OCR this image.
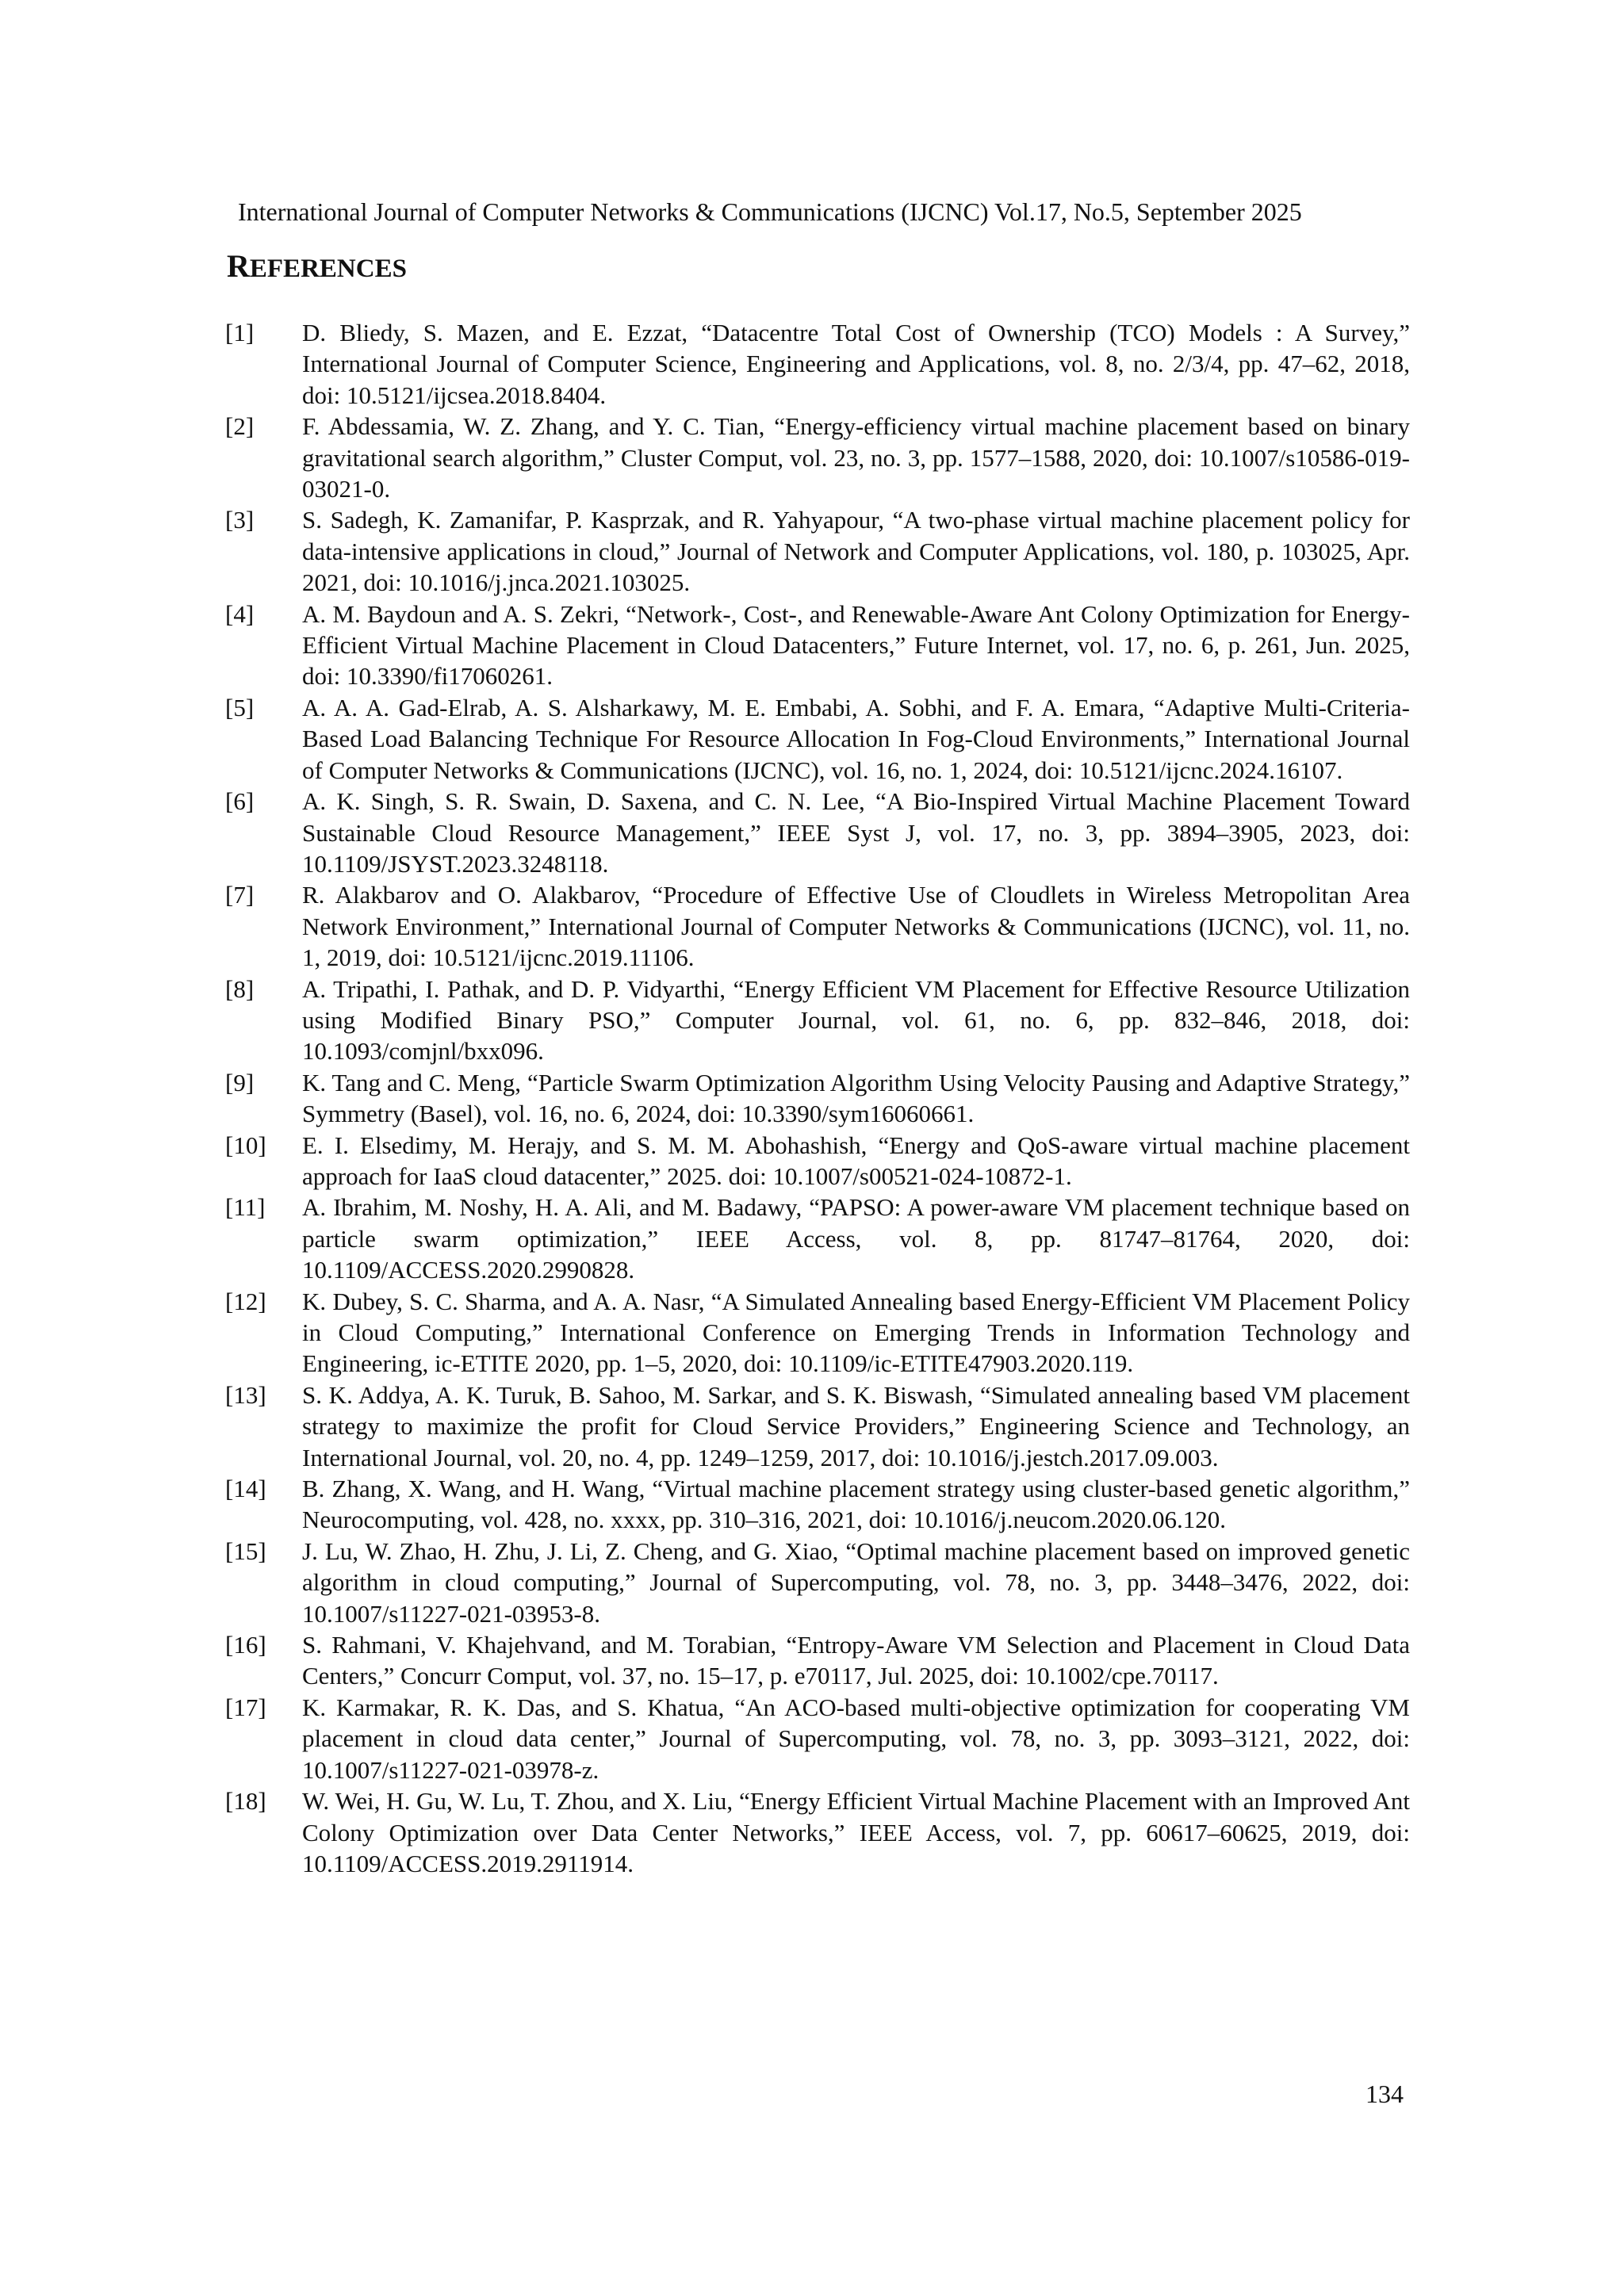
International Journal of Computer Networks & Communications (IJCNC) Vol.17, No.5, September 2025
REFERENCES
[1]	D. Bliedy, S. Mazen, and E. Ezzat, “Datacentre Total Cost of Ownership (TCO) Models : A Survey,” International Journal of Computer Science, Engineering and Applications, vol. 8, no. 2/3/4, pp. 47–62, 2018, doi: 10.5121/ijcsea.2018.8404.
[2]	F. Abdessamia, W. Z. Zhang, and Y. C. Tian, “Energy-efficiency virtual machine placement based on binary gravitational search algorithm,” Cluster Comput, vol. 23, no. 3, pp. 1577–1588, 2020, doi: 10.1007/s10586-019-03021-0.
[3]	S. Sadegh, K. Zamanifar, P. Kasprzak, and R. Yahyapour, “A two-phase virtual machine placement policy for data-intensive applications in cloud,” Journal of Network and Computer Applications, vol. 180, p. 103025, Apr. 2021, doi: 10.1016/j.jnca.2021.103025.
[4]	A. M. Baydoun and A. S. Zekri, “Network-, Cost-, and Renewable-Aware Ant Colony Optimization for Energy-Efficient Virtual Machine Placement in Cloud Datacenters,” Future Internet, vol. 17, no. 6, p. 261, Jun. 2025, doi: 10.3390/fi17060261.
[5]	A. A. A. Gad-Elrab, A. S. Alsharkawy, M. E. Embabi, A. Sobhi, and F. A. Emara, “Adaptive Multi-Criteria-Based Load Balancing Technique For Resource Allocation In Fog-Cloud Environments,” International Journal of Computer Networks & Communications (IJCNC), vol. 16, no. 1, 2024, doi: 10.5121/ijcnc.2024.16107.
[6]	A. K. Singh, S. R. Swain, D. Saxena, and C. N. Lee, “A Bio-Inspired Virtual Machine Placement Toward Sustainable Cloud Resource Management,” IEEE Syst J, vol. 17, no. 3, pp. 3894–3905, 2023, doi: 10.1109/JSYST.2023.3248118.
[7]	R. Alakbarov and O. Alakbarov, “Procedure of Effective Use of Cloudlets in Wireless Metropolitan Area Network Environment,” International Journal of Computer Networks & Communications (IJCNC), vol. 11, no. 1, 2019, doi: 10.5121/ijcnc.2019.11106.
[8]	A. Tripathi, I. Pathak, and D. P. Vidyarthi, “Energy Efficient VM Placement for Effective Resource Utilization using Modified Binary PSO,” Computer Journal, vol. 61, no. 6, pp. 832–846, 2018, doi: 10.1093/comjnl/bxx096.
[9]	K. Tang and C. Meng, “Particle Swarm Optimization Algorithm Using Velocity Pausing and Adaptive Strategy,” Symmetry (Basel), vol. 16, no. 6, 2024, doi: 10.3390/sym16060661.
[10]	E. I. Elsedimy, M. Herajy, and S. M. M. Abohashish, “Energy and QoS-aware virtual machine placement approach for IaaS cloud datacenter,” 2025. doi: 10.1007/s00521-024-10872-1.
[11]	A. Ibrahim, M. Noshy, H. A. Ali, and M. Badawy, “PAPSO: A power-aware VM placement technique based on particle swarm optimization,” IEEE Access, vol. 8, pp. 81747–81764, 2020, doi: 10.1109/ACCESS.2020.2990828.
[12]	K. Dubey, S. C. Sharma, and A. A. Nasr, “A Simulated Annealing based Energy-Efficient VM Placement Policy in Cloud Computing,” International Conference on Emerging Trends in Information Technology and Engineering, ic-ETITE 2020, pp. 1–5, 2020, doi: 10.1109/ic-ETITE47903.2020.119.
[13]	S. K. Addya, A. K. Turuk, B. Sahoo, M. Sarkar, and S. K. Biswash, “Simulated annealing based VM placement strategy to maximize the profit for Cloud Service Providers,” Engineering Science and Technology, an International Journal, vol. 20, no. 4, pp. 1249–1259, 2017, doi: 10.1016/j.jestch.2017.09.003.
[14]	B. Zhang, X. Wang, and H. Wang, “Virtual machine placement strategy using cluster-based genetic algorithm,” Neurocomputing, vol. 428, no. xxxx, pp. 310–316, 2021, doi: 10.1016/j.neucom.2020.06.120.
[15]	J. Lu, W. Zhao, H. Zhu, J. Li, Z. Cheng, and G. Xiao, “Optimal machine placement based on improved genetic algorithm in cloud computing,” Journal of Supercomputing, vol. 78, no. 3, pp. 3448–3476, 2022, doi: 10.1007/s11227-021-03953-8.
[16]	S. Rahmani, V. Khajehvand, and M. Torabian, “Entropy-Aware VM Selection and Placement in Cloud Data Centers,” Concurr Comput, vol. 37, no. 15–17, p. e70117, Jul. 2025, doi: 10.1002/cpe.70117.
[17]	K. Karmakar, R. K. Das, and S. Khatua, “An ACO-based multi-objective optimization for cooperating VM placement in cloud data center,” Journal of Supercomputing, vol. 78, no. 3, pp. 3093–3121, 2022, doi: 10.1007/s11227-021-03978-z.
[18]	W. Wei, H. Gu, W. Lu, T. Zhou, and X. Liu, “Energy Efficient Virtual Machine Placement with an Improved Ant Colony Optimization over Data Center Networks,” IEEE Access, vol. 7, pp. 60617–60625, 2019, doi: 10.1109/ACCESS.2019.2911914.
134
